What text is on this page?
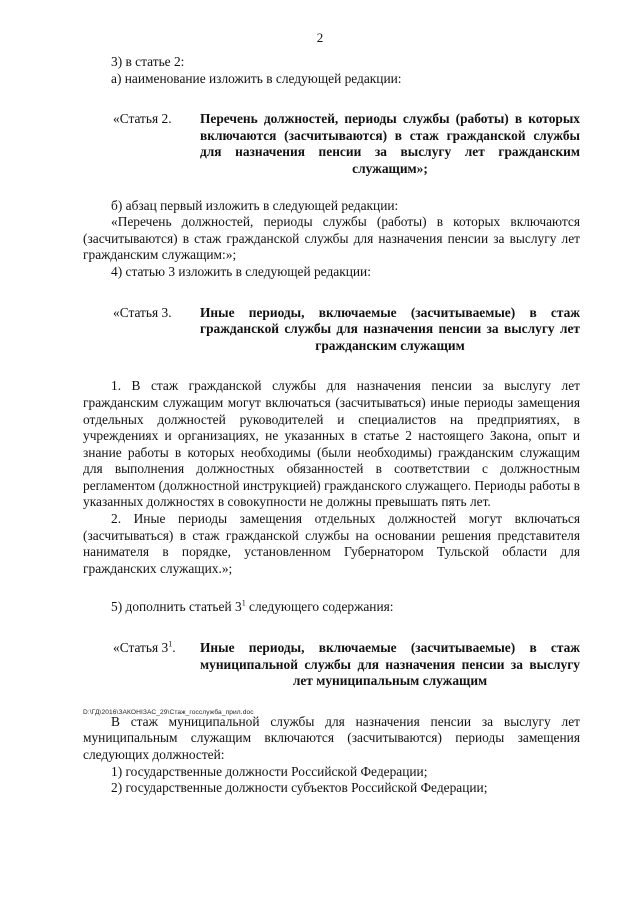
2

3) в статье 2:

а) наименование изложить в следующей редакции:

«Статья 2.	Перечень должностей, периоды службы (работы) в которых включаются (засчитываются) в стаж гражданской службы для назначения пенсии за выслугу лет гражданским служащим»;

б) абзац первый изложить в следующей редакции:

«Перечень должностей, периоды службы (работы) в которых включаются (засчитываются) в стаж гражданской службы для назначения пенсии за выслугу лет гражданским служащим:»;

4) статью 3 изложить в следующей редакции:

«Статья 3.	Иные периоды, включаемые (засчитываемые) в стаж гражданской службы для назначения пенсии за выслугу лет гражданским служащим

1. В стаж гражданской службы для назначения пенсии за выслугу лет гражданским служащим могут включаться (засчитываться) иные периоды замещения отдельных должностей руководителей и специалистов на предприятиях, в учреждениях и организациях, не указанных в статье 2 настоящего Закона, опыт и знание работы в которых необходимы (были необходимы) гражданским служащим для выполнения должностных обязанностей в соответствии с должностным регламентом (должностной инструкцией) гражданского служащего. Периоды работы в указанных должностях в совокупности не должны превышать пять лет.

2. Иные периоды замещения отдельных должностей могут включаться (засчитываться) в стаж гражданской службы на основании решения представителя нанимателя в порядке, установленном Губернатором Тульской области для гражданских служащих.»;

5) дополнить статьей $3^1$ следующего содержания:

«Статья $3^1$.	Иные периоды, включаемые (засчитываемые) в стаж муниципальной службы для назначения пенсии за выслугу лет муниципальным служащим

В стаж муниципальной службы для назначения пенсии за выслугу лет муниципальным служащим включаются (засчитываются) периоды замещения следующих должностей:

1) государственные должности Российской Федерации;

2) государственные должности субъектов Российской Федерации;

D:\ГД\2016\ЗАКОНІЗАС_29\Стаж_госслужба_прил.doc
